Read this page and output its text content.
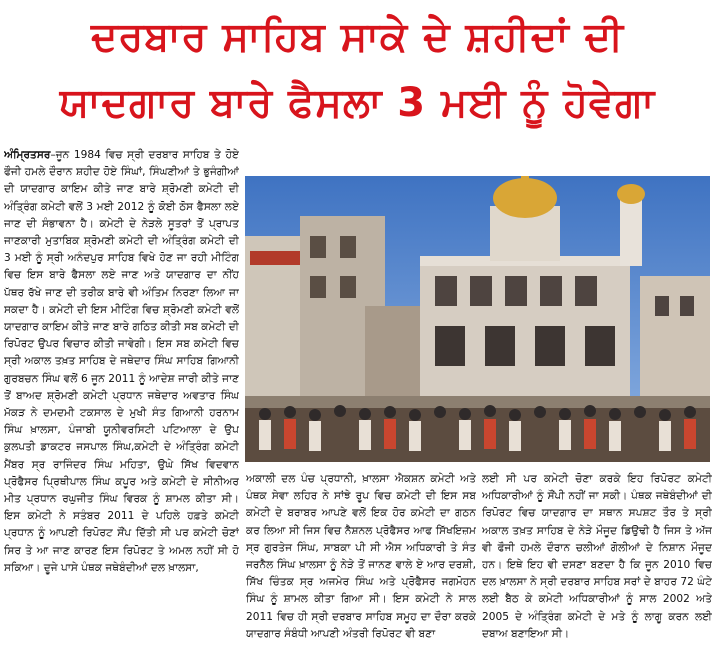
ਦਰਬਾਰ ਸਾਹਿਬ ਸਾਕੇ ਦੇ ਸ਼ਹੀਦਾਂ ਦੀ
ਯਾਦਗਾਰ ਬਾਰੇ ਫੈਸਲਾ 3 ਮਈ ਨੂੰ ਹੋਵੇਗਾ

ਅੰਮ੍ਰਿਤਸਰ–ਜੂਨ 1984 ਵਿਚ ਸ੍ਰੀ ਦਰਬਾਰ ਸਾਹਿਬ ਤੇ ਹੋਏ ਫੌਜੀ ਹਮਲੇ ਦੌਰਾਨ ਸ਼ਹੀਦ ਹੋਏ ਸਿੰਘਾਂ, ਸਿੰਘਣੀਆਂ ਤੇ ਭੁਜੰਗੀਆਂ ਦੀ ਯਾਦਗਾਰ ਕਾਇਮ ਕੀਤੇ ਜਾਣ ਬਾਰੇ ਸ਼੍ਰੋਮਣੀ ਕਮੇਟੀ ਦੀ ਅੰਤ੍ਰਿੰਗ ਕਮੇਟੀ ਵਲੋਂ 3 ਮਈ 2012 ਨੂੰ ਕੋਈ ਠੋਸ ਫੈਸਲਾ ਲਏ ਜਾਣ ਦੀ ਸੰਭਾਵਨਾ ਹੈ। ਕਮੇਟੀ ਦੇ ਨੇੜਲੇ ਸੂਤਰਾਂ ਤੋਂ ਪ੍ਰਾਪਤ ਜਾਣਕਾਰੀ ਮੁਤਾਬਿਕ ਸ਼੍ਰੋਮਣੀ ਕਮੇਟੀ ਦੀ ਅੰਤ੍ਰਿੰਗ ਕਮੇਟੀ ਦੀ 3 ਮਈ ਨੂੰ ਸ੍ਰੀ ਅਨੰਦਪੁਰ ਸਾਹਿਬ ਵਿਖੇ ਹੋਣ ਜਾ ਰਹੀ ਮੀਟਿੰਗ ਵਿਚ ਇਸ ਬਾਰੇ ਫੈਸਲਾ ਲਏ ਜਾਣ ਅਤੇ ਯਾਦਗਾਰ ਦਾ ਨੀਂਹ ਪੱਥਰ ਰੱਖੇ ਜਾਣ ਦੀ ਤਰੀਕ ਬਾਰੇ ਵੀ ਅੰਤਿਮ ਨਿਰਣਾ ਲਿਆ ਜਾ ਸਕਦਾ ਹੈ। ਕਮੇਟੀ ਦੀ ਇਸ ਮੀਟਿੰਗ ਵਿਚ ਸ਼੍ਰੋਮਣੀ ਕਮੇਟੀ ਵਲੋਂ ਯਾਦਗਾਰ ਕਾਇਮ ਕੀਤੇ ਜਾਣ ਬਾਰੇ ਗਠਿਤ ਕੀਤੀ ਸਬ ਕਮੇਟੀ ਦੀ ਰਿਪੋਰਟ ਉਪਰ ਵਿਚਾਰ ਕੀਤੀ ਜਾਵੇਗੀ। ਇਸ ਸਬ ਕਮੇਟੀ ਵਿਚ ਸ੍ਰੀ ਅਕਾਲ ਤਖ਼ਤ ਸਾਹਿਬ ਦੇ ਜਥੇਦਾਰ ਸਿੰਘ ਸਾਹਿਬ ਗਿਆਨੀ ਗੁਰਬਚਨ ਸਿੰਘ ਵਲੋਂ 6 ਜੂਨ 2011 ਨੂੰ ਆਦੇਸ਼ ਜਾਰੀ ਕੀਤੇ ਜਾਣ ਤੋਂ ਬਾਅਦ ਸ਼੍ਰੋਮਣੀ ਕਮੇਟੀ ਪ੍ਰਧਾਨ ਜਥੇਦਾਰ ਅਵਤਾਰ ਸਿੰਘ ਮੱਕੜ ਨੇ ਦਮਦਮੀ ਟਕਸਾਲ ਦੇ ਮੁਖੀ ਸੰਤ ਗਿਆਨੀ ਹਰਨਾਮ ਸਿੰਘ ਖ਼ਾਲਸਾ, ਪੰਜਾਬੀ ਯੂਨੀਵਰਸਿਟੀ ਪਟਿਆਲਾ ਦੇ ਉਪ ਕੁਲਪਤੀ ਡਾਕਟਰ ਜਸਪਾਲ ਸਿੰਘ,ਕਮੇਟੀ ਦੇ ਅੰਤ੍ਰਿੰਗ ਕਮੇਟੀ ਮੈਂਬਰ ਸ੍ਰ ਰਾਜਿੰਦਰ ਸਿੰਘ ਮਹਿਤਾ, ਉਘੇ ਸਿੱਖ ਵਿਦਵਾਨ ਪ੍ਰੋਫੈਸਰ ਪ੍ਰਿਥੀਪਾਲ ਸਿੰਘ ਕਪੂਰ ਅਤੇ ਕਮੇਟੀ ਦੇ ਸੀਨੀਅਰ ਮੀਤ ਪ੍ਰਧਾਨ ਰਘੁਜੀਤ ਸਿੰਘ ਵਿਰਕ ਨੂੰ ਸ਼ਾਮਲ ਕੀਤਾ ਸੀ। ਇਸ ਕਮੇਟੀ ਨੇ ਸਤੰਬਰ 2011 ਦੇ ਪਹਿਲੇ ਹਫ਼ਤੇ ਕਮੇਟੀ ਪ੍ਰਧਾਨ ਨੂੰ ਆਪਣੀ ਰਿਪੋਰਟ ਸੌਂਪ ਦਿੱਤੀ ਸੀ ਪਰ ਕਮੇਟੀ ਚੋਣਾਂ ਸਿਰ ਤੇ ਆ ਜਾਣ ਕਾਰਣ ਇਸ ਰਿਪੋਰਟ ਤੇ ਅਮਲ ਨਹੀਂ ਸੀ ਹੋ ਸਕਿਆ। ਦੂਜੇ ਪਾਸੇ ਪੰਥਕ ਜਥੇਬੰਦੀਆਂ ਦਲ ਖ਼ਾਲਸਾ,

ਅਕਾਲੀ ਦਲ ਪੰਚ ਪ੍ਰਧਾਨੀ, ਖ਼ਾਲਸਾ ਐਕਸ਼ਨ ਕਮੇਟੀ ਅਤੇ ਪੰਥਕ ਸੇਵਾ ਲਹਿਰ ਨੇ ਸਾਂਝੇ ਰੂਪ ਵਿਚ ਕਮੇਟੀ ਦੀ ਇਸ ਸਬ ਕਮੇਟੀ ਦੇ ਬਰਾਬਰ ਆਪਣੇ ਵਲੋਂ ਇਕ ਹੋਰ ਕਮੇਟੀ ਦਾ ਗਠਨ ਕਰ ਲਿਆ ਸੀ ਜਿਸ ਵਿਚ ਨੈਸ਼ਨਲ ਪ੍ਰੋਫੈਸਰ ਆਫ ਸਿੱਖਇਜ਼ਮ ਸ੍ਰ ਗੁਰਤੇਜ ਸਿੰਘ, ਸਾਬਕਾ ਪੀ ਸੀ ਐਸ ਅਧਿਕਾਰੀ ਤੇ ਸੰਤ ਜਰਨੈਲ ਸਿੰਘ ਖ਼ਾਲਸਾ ਨੂੰ ਨੇੜੇ ਤੋਂ ਜਾਨਣ ਵਾਲੇ ਏ ਆਰ ਦਰਸ਼ੀ, ਸਿੱਖ ਚਿੰਤਕ ਸ੍ਰ ਅਜਮੇਰ ਸਿੰਘ ਅਤੇ ਪ੍ਰੋਫੈਸਰ ਜਗਮੋਹਨ ਸਿੰਘ ਨੂੰ ਸ਼ਾਮਲ ਕੀਤਾ ਗਿਆ ਸੀ। ਇਸ ਕਮੇਟੀ ਨੇ ਸਾਲ 2011 ਵਿਚ ਹੀ ਸ੍ਰੀ ਦਰਬਾਰ ਸਾਹਿਬ ਸਮੂਹ ਦਾ ਦੌਰਾ ਕਰਕੇ ਯਾਦਗਾਰ ਸੰਬੰਧੀ ਆਪਣੀ ਅੰਤਰੀ ਰਿਪੋਰਟ ਵੀ ਬਣਾ

ਲਈ ਸੀ ਪਰ ਕਮੇਟੀ ਚੋਣਾ ਕਰਕੇ ਇਹ ਰਿਪੋਰਟ ਕਮੇਟੀ ਅਧਿਕਾਰੀਆਂ ਨੂੰ ਸੌਂਪੀ ਨਹੀਂ ਜਾ ਸਕੀ। ਪੰਥਕ ਜਥੇਬੰਦੀਆਂ ਦੀ ਰਿਪੋਰਟ ਵਿਚ ਯਾਦਗਾਰ ਦਾ ਸਥਾਨ ਸਪਸ਼ਟ ਤੌਰ ਤੇ ਸ੍ਰੀ ਅਕਾਲ ਤਖ਼ਤ ਸਾਹਿਬ ਦੇ ਨੇੜੇ ਮੌਜੂਦ ਡਿਉਢੀ ਹੈ ਜਿਸ ਤੇ ਅੱਜ ਵੀ ਫੌਜੀ ਹਮਲੇ ਦੌਰਾਨ ਚਲੀਆਂ ਗੋਲੀਆਂ ਦੇ ਨਿਸ਼ਾਨ ਮੌਜੂਦ ਹਨ। ਇਥੇ ਇਹ ਵੀ ਦਸਣਾ ਬਣਦਾ ਹੈ ਕਿ ਜੂਨ 2010 ਵਿਚ ਦਲ ਖ਼ਾਲਸਾ ਨੇ ਸ੍ਰੀ ਦਰਬਾਰ ਸਾਹਿਬ ਸਰਾਂ ਦੇ ਬਾਹਰ 72 ਘੰਟੇ ਲਈ ਬੈਠ ਕੇ ਕਮੇਟੀ ਅਧਿਕਾਰੀਆਂ ਨੂੰ ਸਾਲ 2002 ਅਤੇ 2005 ਦੇ ਅੰਤ੍ਰਿੰਗ ਕਮੇਟੀ ਦੇ ਮਤੇ ਨੂੰ ਲਾਗੂ ਕਰਨ ਲਈ ਦਬਾਅ ਬਣਾਇਆ ਸੀ।
